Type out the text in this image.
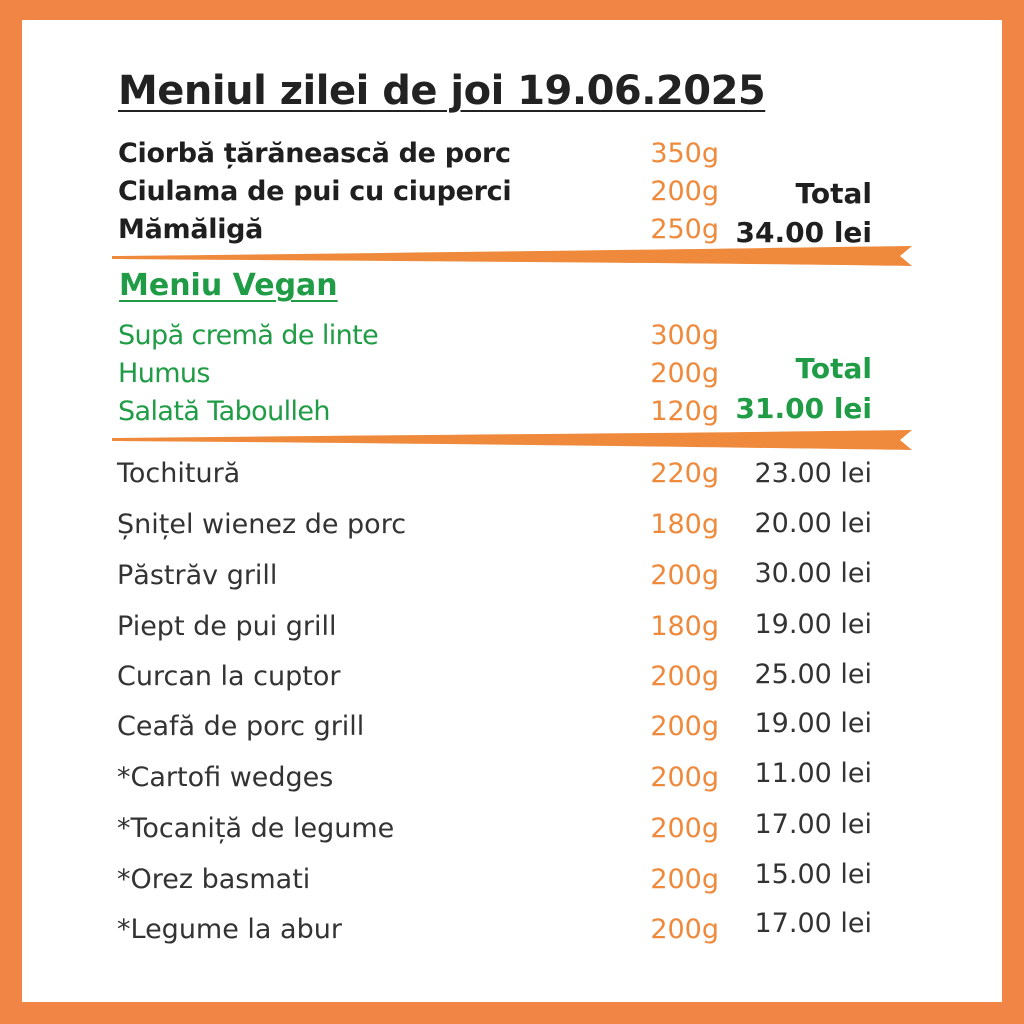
Meniul zilei de joi 19.06.2025
Ciorbă țărănească de porc	350g
Ciulama de pui cu ciuperci	200g
Mămăligă	250g
Total
34.00 lei
Meniu Vegan
Supă cremă de linte	300g
Humus	200g
Salată Taboulleh	120g
Total
31.00 lei
Tochitură	220g 23.00 lei
Șnițel wienez de porc	180g 20.00 lei
Păstrăv grill	200g 30.00 lei
Piept de pui grill	180g 19.00 lei
Curcan la cuptor	200g 25.00 lei
Ceafă de porc grill	200g 19.00 lei
*Cartofi wedges	200g 11.00 lei
*Tocaniță de legume	200g 17.00 lei
*Orez basmati	200g 15.00 lei
*Legume la abur	200g 17.00 lei
